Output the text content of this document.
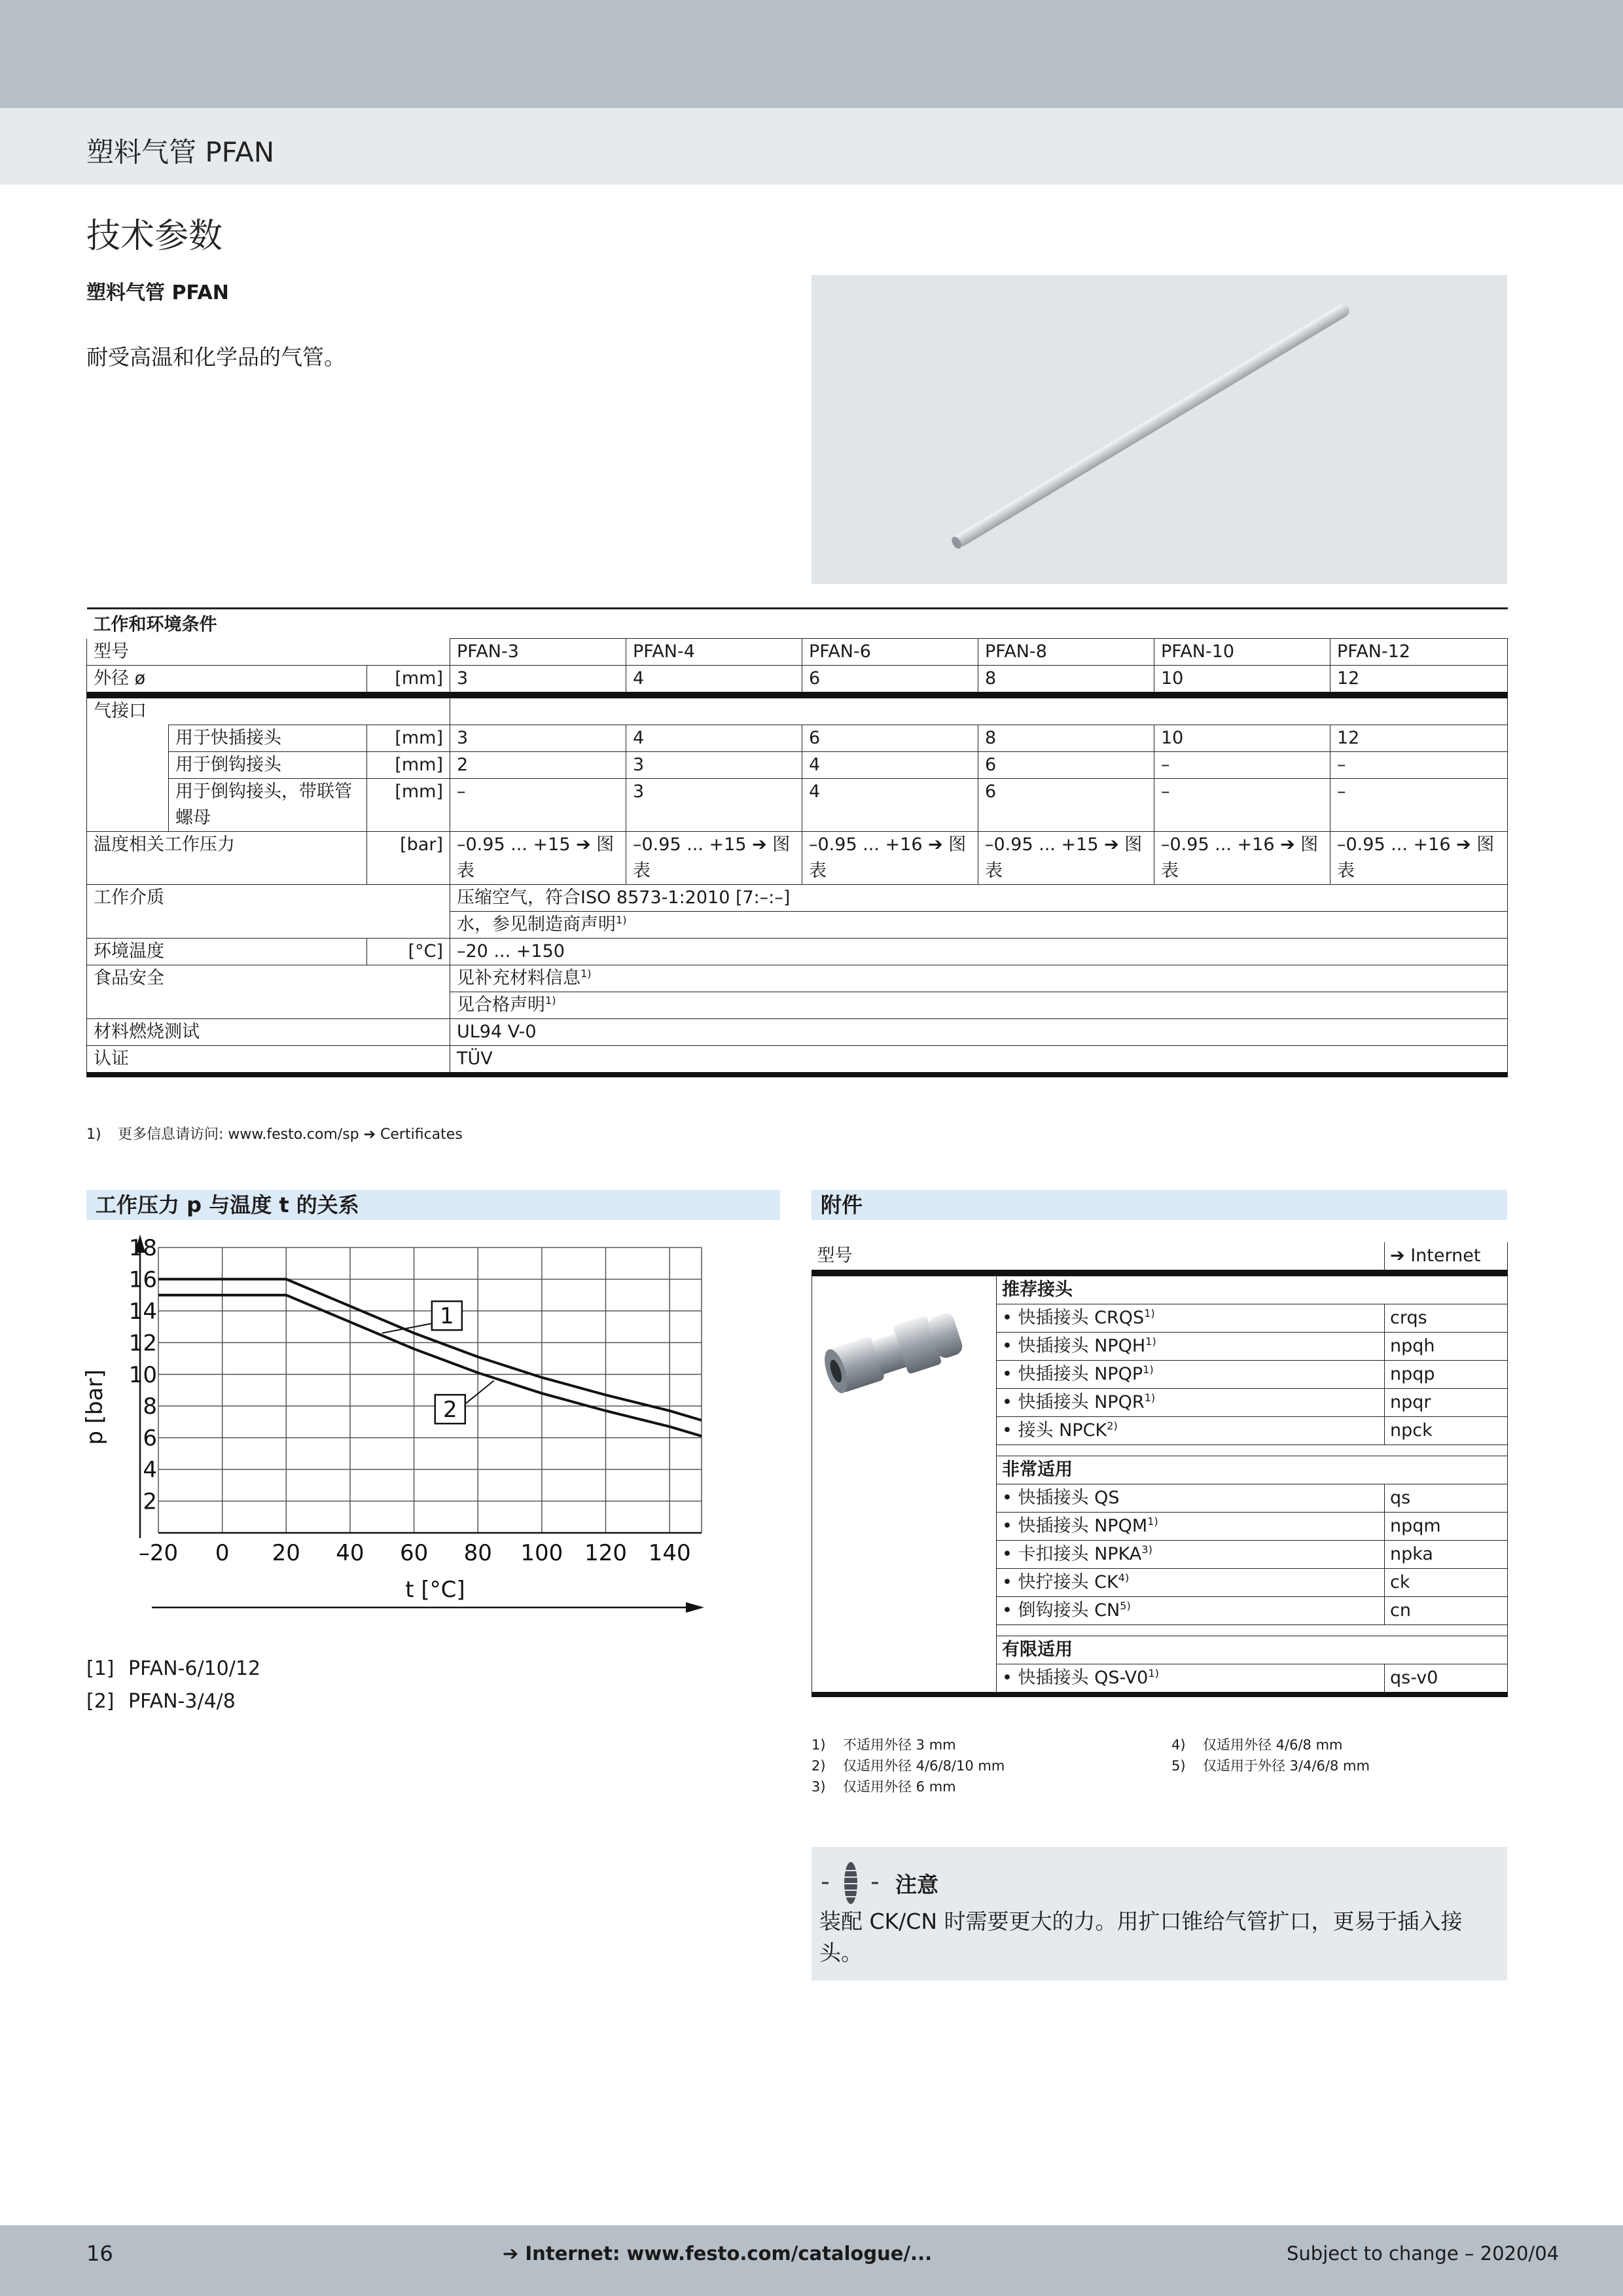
塑料气管 PFAN
技术参数
塑料气管 PFAN
耐受高温和化学品的气管。
工作和环境条件								
型号			PFAN-3	PFAN-4	PFAN-6	PFAN-8	PFAN-10	PFAN-12
外径 ø		[mm]	3	4	6	8	10	12
气接口								
	用于快插接头	[mm]	3	4	6	8	10	12
	用于倒钩接头	[mm]	2	3	4	6	–	–
	用于倒钩接头，带联管螺母	[mm]	–	3	4	6	–	–
温度相关工作压力		[bar]	–0.95 ... +15 ➔ 图表	–0.95 ... +15 ➔ 图表	–0.95 ... +16 ➔ 图表	–0.95 ... +15 ➔ 图表	–0.95 ... +16 ➔ 图表	–0.95 ... +16 ➔ 图表
工作介质			压缩空气，符合ISO 8573-1:2010 [7:–:–]					
			水，参见制造商声明$^{1)}$
环境温度		[°C]	–20 ... +150					
食品安全			见补充材料信息$^{1)}$
			见合格声明$^{1)}$
材料燃烧测试			UL94 V-0					
认证			TÜV					
1) 更多信息请访问: www.festo.com/sp ➔ Certificates
工作压力 p 与温度 t 的关系	附件
–20 0 20 40 60 80 100 120 140
2
4
6
8
10
12
14
16
18
t [°C]
p [bar]
1
2
[1] PFAN-6/10/12
[2] PFAN-3/4/8
型号		➔ Internet
	推荐接头	
	• 快插接头 CRQS$^{1)}$	crqs
	• 快插接头 NPQH$^{1)}$	npqh
	• 快插接头 NPQP$^{1)}$	npqp
	• 快插接头 NPQR$^{1)}$	npqr
	• 接头 NPCK$^{2)}$	npck

	非常适用	
	• 快插接头 QS	qs
	• 快插接头 NPQM$^{1)}$	npqm
	• 卡扣接头 NPKA$^{3)}$	npka
	• 快拧接头 CK$^{4)}$	ck
	• 倒钩接头 CN$^{5)}$	cn

	有限适用	
	• 快插接头 QS-V0$^{1)}$	qs-v0
1) 不适用外径 3 mm
2) 仅适用外径 4/6/8/10 mm
3) 仅适用外径 6 mm
4) 仅适用外径 4/6/8 mm
5) 仅适用于外径 3/4/6/8 mm
注意
装配 CK/CN 时需要更大的力。用扩口锥给气管扩口，更易于插入接头。
16	➔ Internet: www.festo.com/catalogue/...	Subject to change – 2020/04
